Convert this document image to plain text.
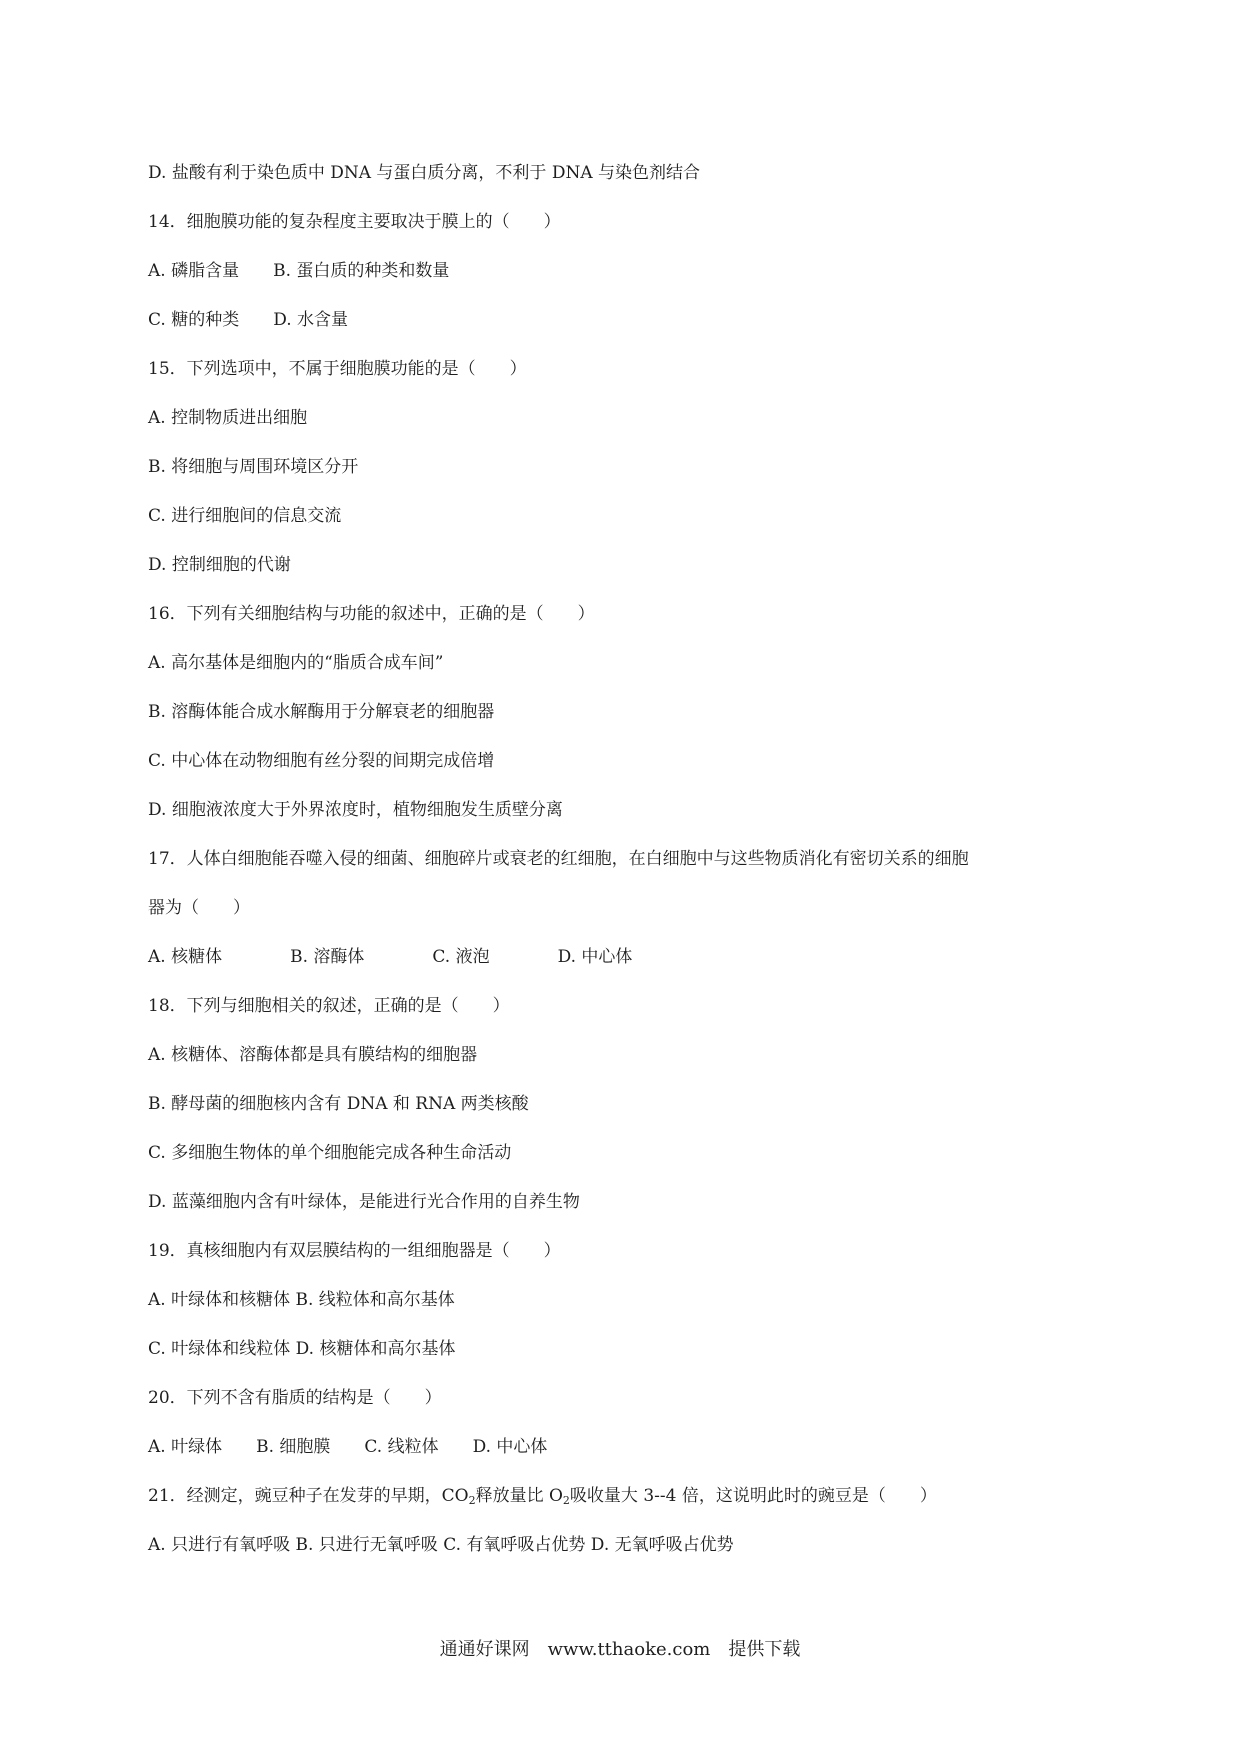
D. 盐酸有利于染色质中 DNA 与蛋白质分离，不利于 DNA 与染色剂结合
14．细胞膜功能的复杂程度主要取决于膜上的（　　）
A. 磷脂含量　　B. 蛋白质的种类和数量
C. 糖的种类　　D. 水含量
15．下列选项中，不属于细胞膜功能的是（　　）
A. 控制物质进出细胞
B. 将细胞与周围环境区分开
C. 进行细胞间的信息交流
D. 控制细胞的代谢
16．下列有关细胞结构与功能的叙述中，正确的是（　　）
A. 高尔基体是细胞内的“脂质合成车间”
B. 溶酶体能合成水解酶用于分解衰老的细胞器
C. 中心体在动物细胞有丝分裂的间期完成倍增
D. 细胞液浓度大于外界浓度时，植物细胞发生质壁分离
17．人体白细胞能吞噬入侵的细菌、细胞碎片或衰老的红细胞，在白细胞中与这些物质消化有密切关系的细胞
器为（　　）
A. 核糖体　　　　B. 溶酶体　　　　C. 液泡　　　　D. 中心体
18．下列与细胞相关的叙述，正确的是（　　）
A. 核糖体、溶酶体都是具有膜结构的细胞器
B. 酵母菌的细胞核内含有 DNA 和 RNA 两类核酸
C. 多细胞生物体的单个细胞能完成各种生命活动
D. 蓝藻细胞内含有叶绿体，是能进行光合作用的自养生物
19．真核细胞内有双层膜结构的一组细胞器是（　　）
A. 叶绿体和核糖体 B. 线粒体和高尔基体
C. 叶绿体和线粒体 D. 核糖体和高尔基体
20．下列不含有脂质的结构是（　　）
A. 叶绿体　　B. 细胞膜　　C. 线粒体　　D. 中心体
21．经测定，豌豆种子在发芽的早期，$CO_2$释放量比 $O_2$吸收量大 3--4 倍，这说明此时的豌豆是（　　）
A. 只进行有氧呼吸 B. 只进行无氧呼吸 C. 有氧呼吸占优势 D. 无氧呼吸占优势
通通好课网　www.tthaoke.com　提供下载
